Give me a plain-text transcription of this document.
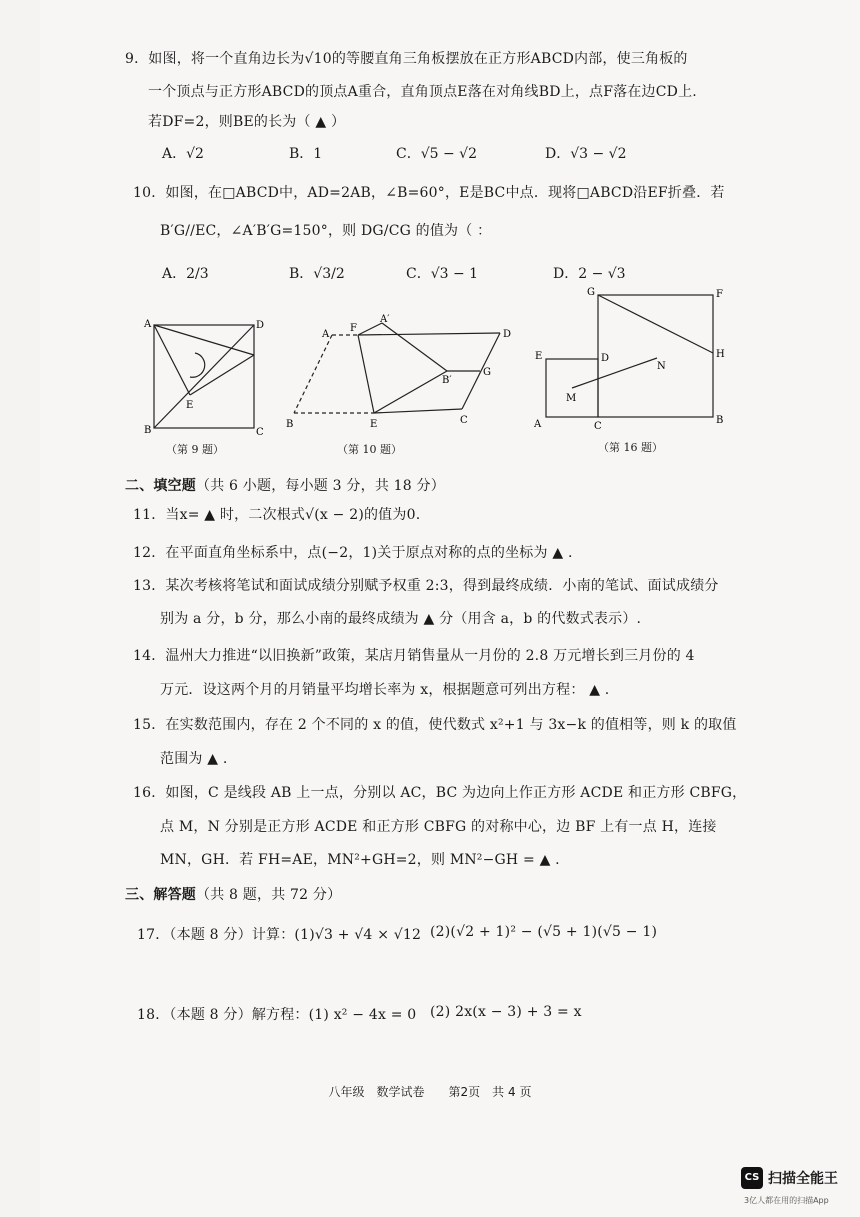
9．如图，将一个直角边长为√10的等腰直角三角板摆放在正方形ABCD内部，使三角板的
一个顶点与正方形ABCD的顶点A重合，直角顶点E落在对角线BD上，点F落在边CD上.
若DF=2，则BE的长为（ ▲ ）
A．√2	B．1	C．√5 − √2	D．√3 − √2
10．如图，在□ABCD中，AD=2AB，∠B=60°，E是BC中点．现将□ABCD沿EF折叠．若
B′G//EC，∠A′B′G=150°，则 DG/CG 的值为（ ：
A．2/3	B．√3/2	C．√3 − 1	D．2 − √3
A	D
B	C
E
（第 9 题）
A
F
A′
D
B′
G
B	E	C
（第 10 题）
G	F
E	D
N
H
M
A	C
B
（第 16 题）
二、填空题（共 6 小题，每小题 3 分，共 18 分）
11．当x= ▲ 时，二次根式√(x − 2)的值为0.
12．在平面直角坐标系中，点(−2，1)关于原点对称的点的坐标为 ▲ .
13．某次考核将笔试和面试成绩分别赋予权重 2:3，得到最终成绩．小南的笔试、面试成绩分
别为 a 分，b 分，那么小南的最终成绩为 ▲ 分（用含 a，b 的代数式表示）.
14．温州大力推进“以旧换新”政策，某店月销售量从一月份的 2.8 万元增长到三月份的 4
万元．设这两个月的月销量平均增长率为 x，根据题意可列出方程： ▲ .
15．在实数范围内，存在 2 个不同的 x 的值，使代数式 x²+1 与 3x−k 的值相等，则 k 的取值
范围为 ▲ .
16．如图，C 是线段 AB 上一点，分别以 AC，BC 为边向上作正方形 ACDE 和正方形 CBFG，
点 M，N 分别是正方形 ACDE 和正方形 CBFG 的对称中心，边 BF 上有一点 H，连接
MN，GH．若 FH=AE，MN²+GH=2，则 MN²−GH = ▲ .
三、解答题（共 8 题，共 72 分）
17．（本题 8 分）计算：(1)√3 + √4 × √12 (2)(√2 + 1)² − (√5 + 1)(√5 − 1)
18．（本题 8 分）解方程：(1) x² − 4x = 0 (2) 2x(x − 3) + 3 = x
八年级　数学试卷　　第2页　共 4 页
CS 扫描全能王
3亿人都在用的扫描App
